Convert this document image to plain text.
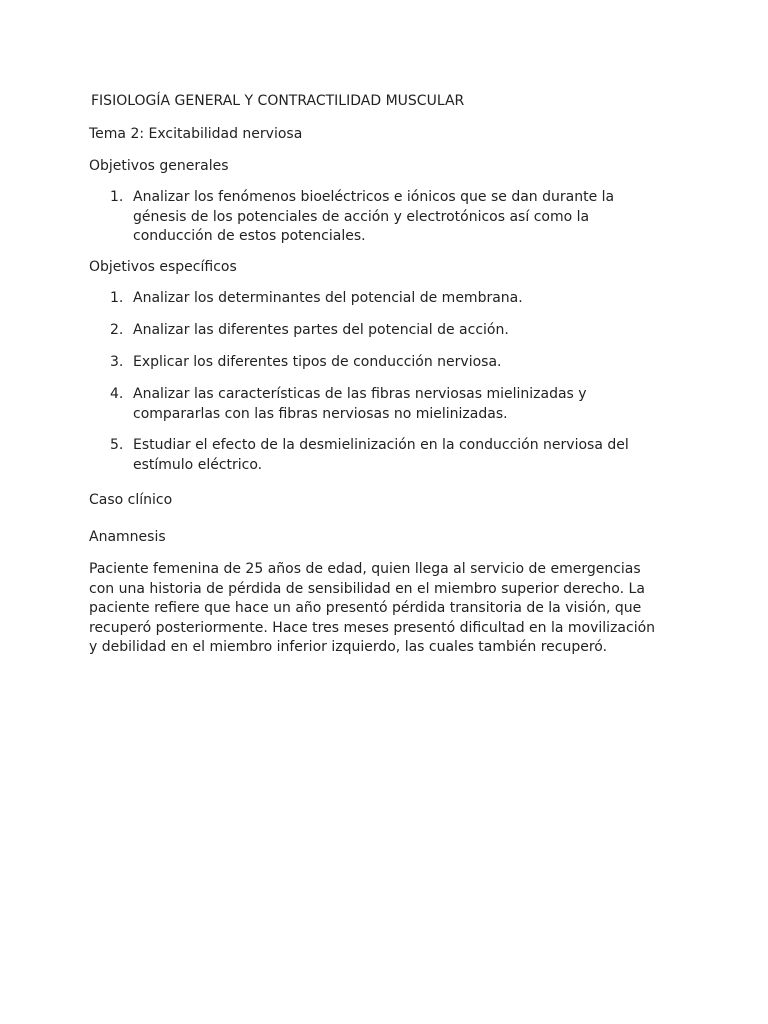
FISIOLOGÍA GENERAL Y CONTRACTILIDAD MUSCULAR
Tema 2: Excitabilidad nerviosa
Objetivos generales
1. Analizar los fenómenos bioeléctricos e iónicos que se dan durante la
génesis de los potenciales de acción y electrotónicos así como la
conducción de estos potenciales.
Objetivos específicos
1. Analizar los determinantes del potencial de membrana.
2. Analizar las diferentes partes del potencial de acción.
3. Explicar los diferentes tipos de conducción nerviosa.
4. Analizar las características de las fibras nerviosas mielinizadas y
compararlas con las fibras nerviosas no mielinizadas.
5. Estudiar el efecto de la desmielinización en la conducción nerviosa del
estímulo eléctrico.
Caso clínico
Anamnesis
Paciente femenina de 25 años de edad, quien llega al servicio de emergencias
con una historia de pérdida de sensibilidad en el miembro superior derecho. La
paciente refiere que hace un año presentó pérdida transitoria de la visión, que
recuperó posteriormente. Hace tres meses presentó dificultad en la movilización
y debilidad en el miembro inferior izquierdo, las cuales también recuperó.
